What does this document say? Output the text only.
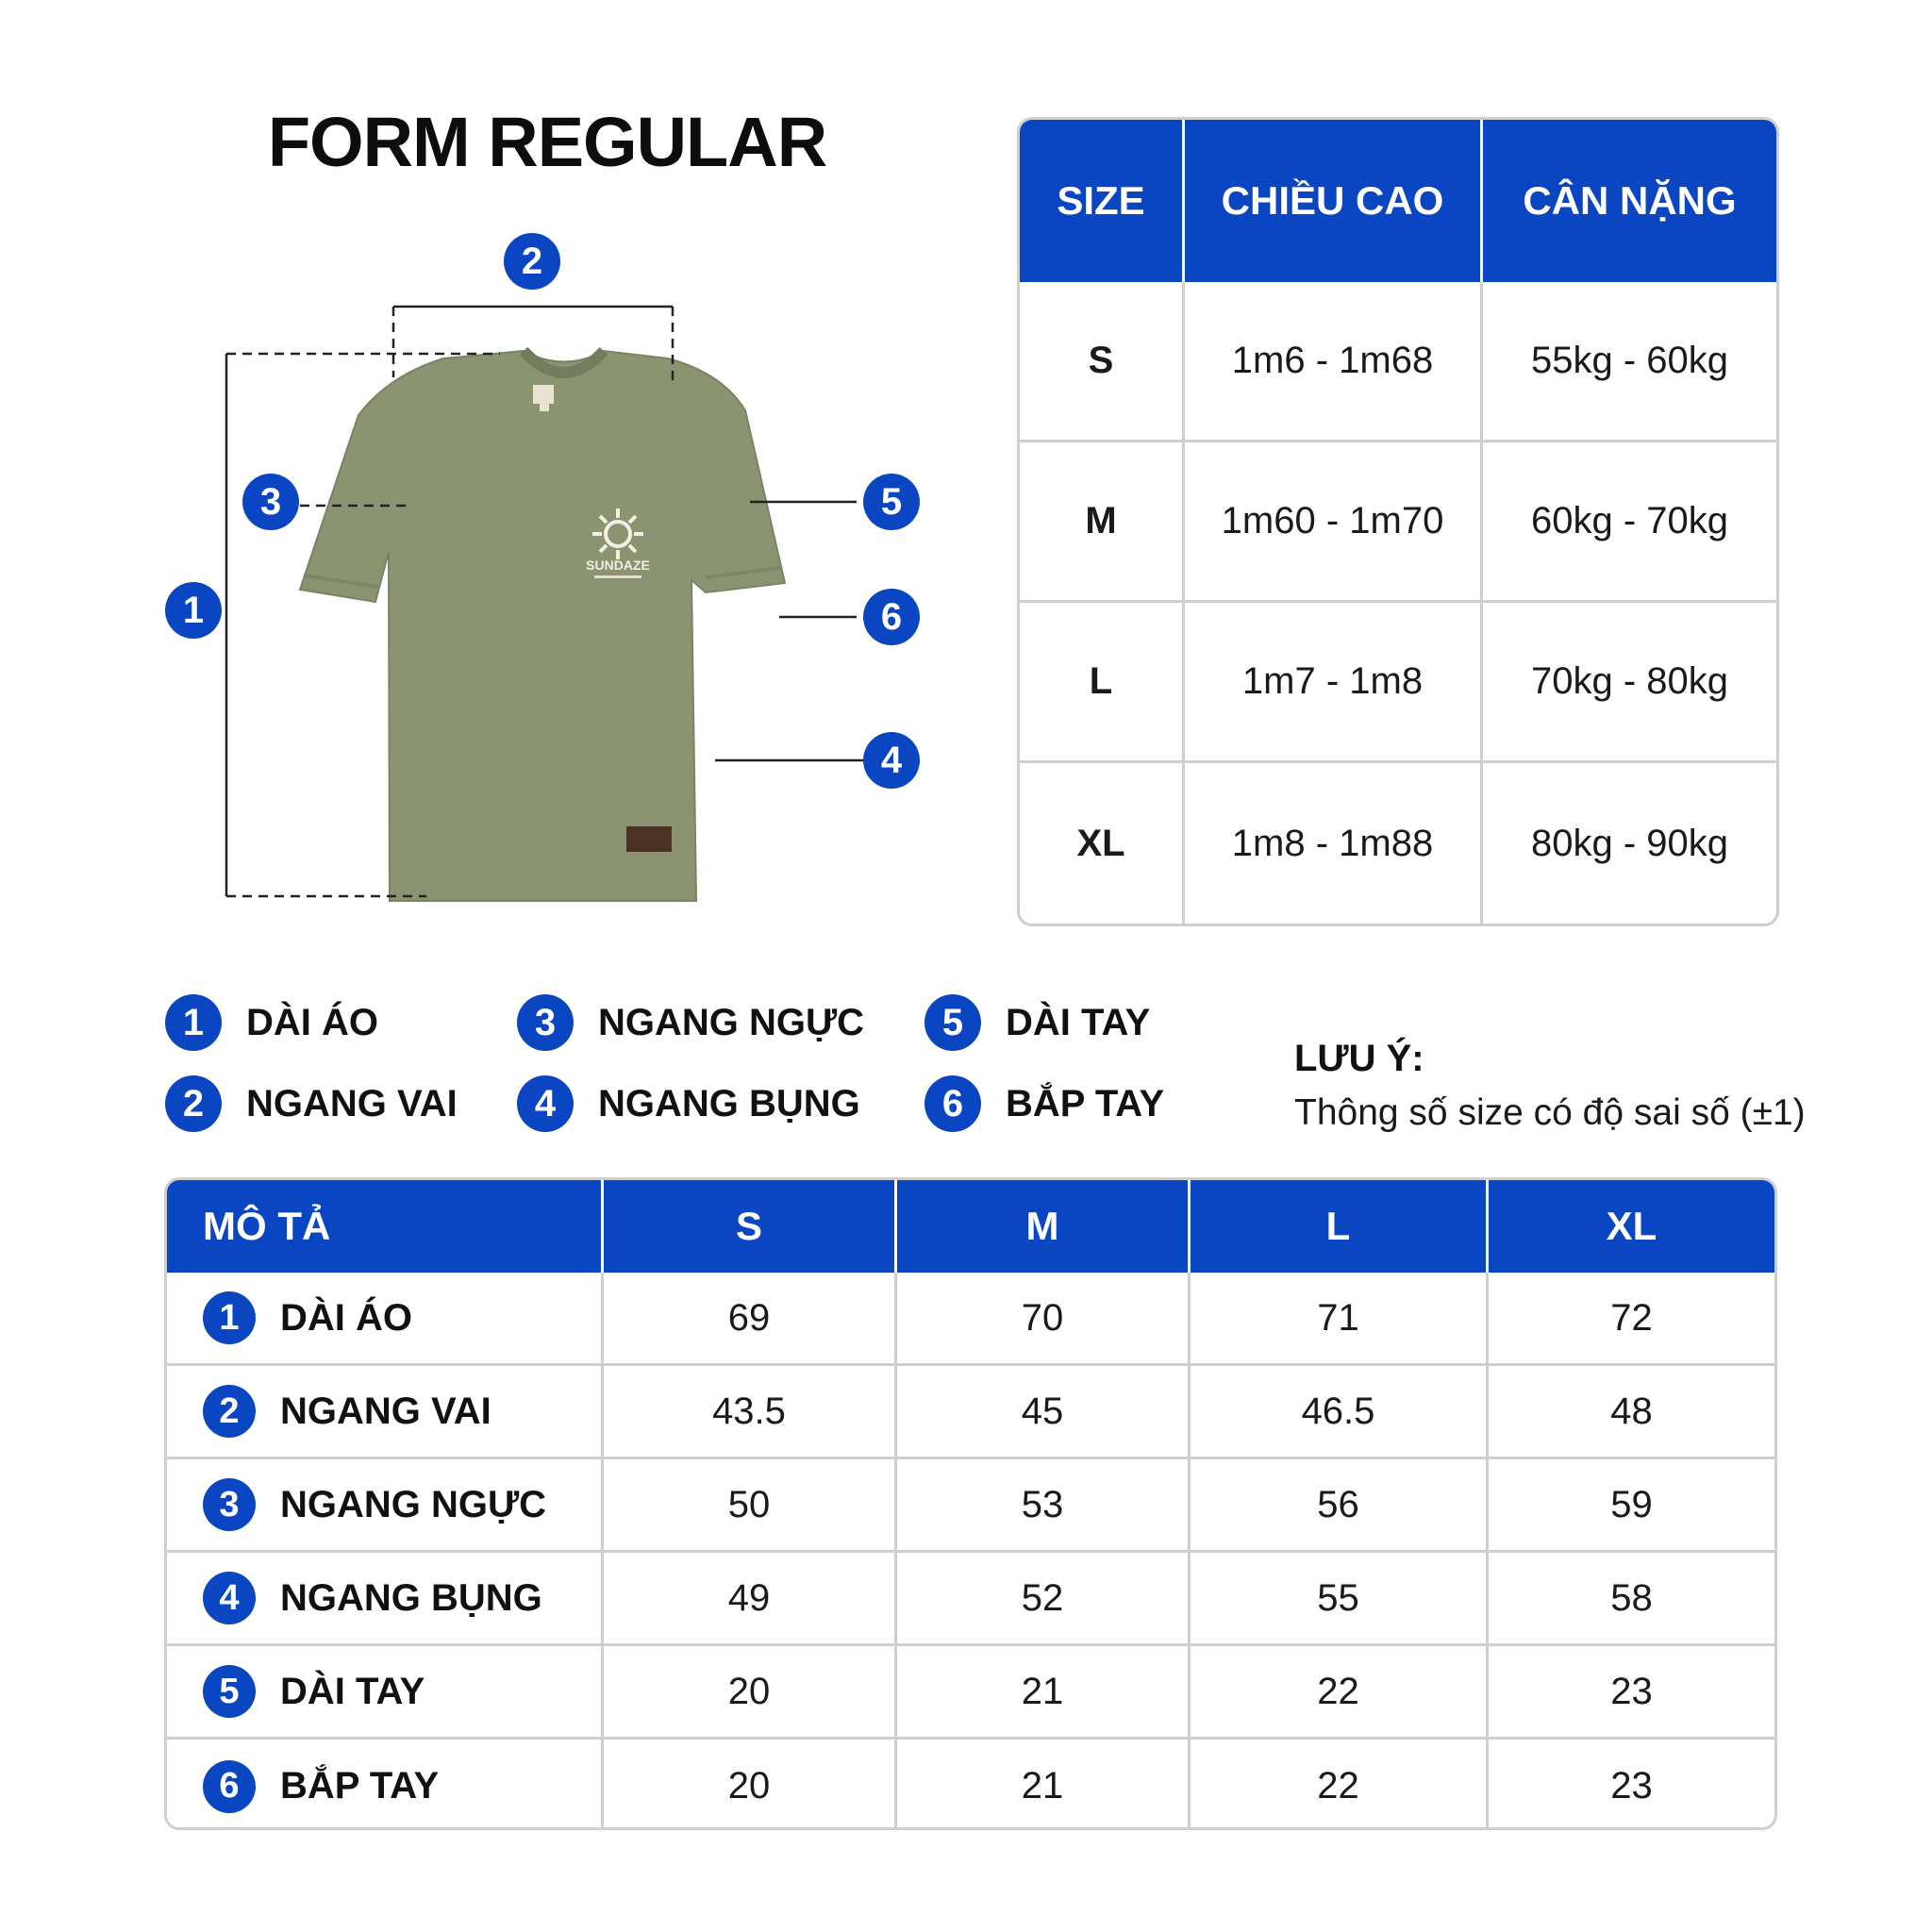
FORM REGULAR
SUNDAZE
1
2
3	5
6
4
SIZE	CHIỀU CAO	CÂN NẶNG
S	1m6 - 1m68	55kg - 60kg
M	1m60 - 1m70	60kg - 70kg
L	1m7 - 1m8	70kg - 80kg
XL	1m8 - 1m88	80kg - 90kg
1	DÀI ÁO
2	NGANG VAI
3	NGANG NGỰC
4	NGANG BỤNG
5	DÀI TAY
6	BẮP TAY
LƯU Ý:
Thông số size có độ sai số (±1)
MÔ TẢ	S	M	L	XL
1	DÀI ÁO	69	70	71	72
2	NGANG VAI	43.5	45	46.5	48
3	NGANG NGỰC	50	53	56	59
4	NGANG BỤNG	49	52	55	58
5	DÀI TAY	20	21	22	23
6	BẮP TAY	20	21	22	23
